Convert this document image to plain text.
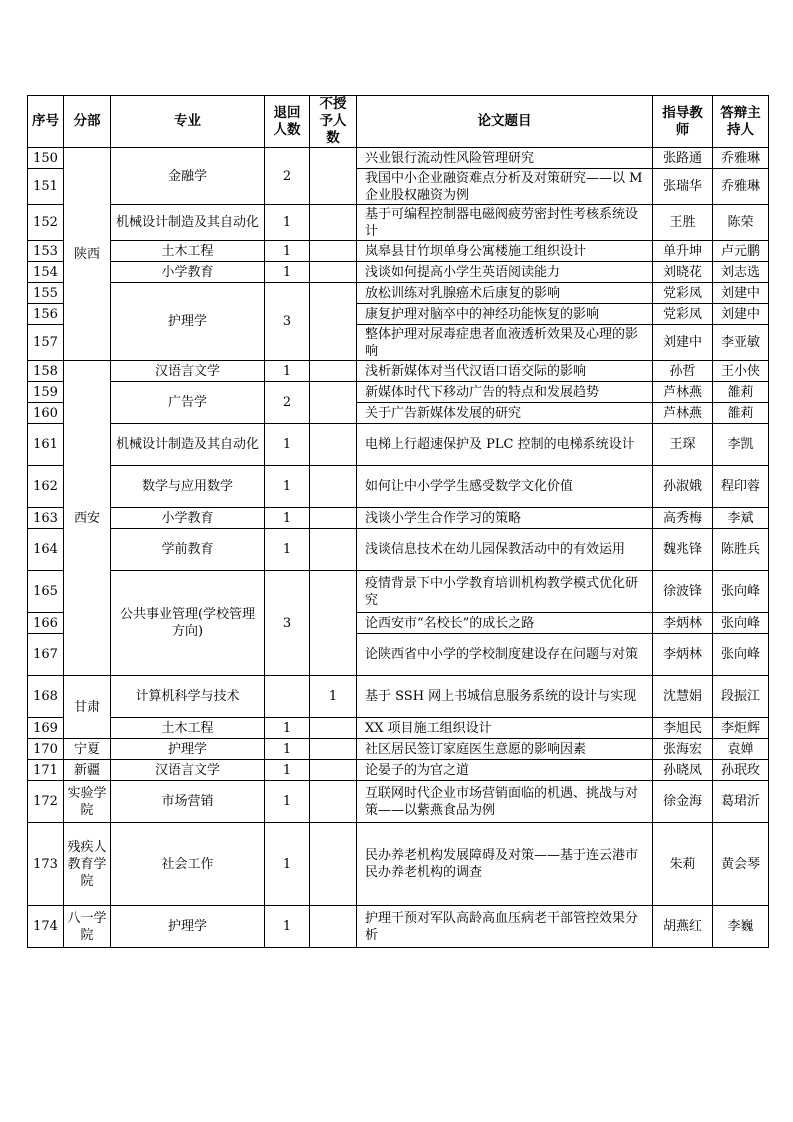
序号	分部	专业	退回人数	不授予人数	论文题目	指导教师	答辩主持人
150	陕西	金融学	2		兴业银行流动性风险管理研究	张路通	乔雅琳
151					我国中小企业融资难点分析及对策研究——以 M 企业股权融资为例	张瑞华	乔雅琳
152		机械设计制造及其自动化	1		基于可编程控制器电磁阀疲劳密封性考核系统设计	王胜	陈荣
153		土木工程	1		岚皋县甘竹坝单身公寓楼施工组织设计	单升坤	卢元鹏
154		小学教育	1		浅谈如何提高小学生英语阅读能力	刘晓花	刘志选
155		护理学	3		放松训练对乳腺癌术后康复的影响	党彩凤	刘建中
156					康复护理对脑卒中的神经功能恢复的影响	党彩凤	刘建中
157					整体护理对尿毒症患者血液透析效果及心理的影响	刘建中	李亚敏
158	西安	汉语言文学	1		浅析新媒体对当代汉语口语交际的影响	孙哲	王小侠
159		广告学	2		新媒体时代下移动广告的特点和发展趋势	芦林燕	雒莉
160					关于广告新媒体发展的研究	芦林燕	雒莉
161		机械设计制造及其自动化	1		电梯上行超速保护及 PLC 控制的电梯系统设计	王琛	李凯
162		数学与应用数学	1		如何让中小学学生感受数学文化价值	孙淑娥	程印蓉
163		小学教育	1		浅谈小学生合作学习的策略	高秀梅	李斌
164		学前教育	1		浅谈信息技术在幼儿园保教活动中的有效运用	魏兆锋	陈胜兵
165		公共事业管理(学校管理方向)	3		疫情背景下中小学教育培训机构教学模式优化研究	徐波锋	张向峰
166					论西安市“名校长”的成长之路	李炳林	张向峰
167					论陕西省中小学的学校制度建设存在问题与对策	李炳林	张向峰
168	甘肃	计算机科学与技术		1	基于 SSH 网上书城信息服务系统的设计与实现	沈慧娟	段振江
169		土木工程	1		XX 项目施工组织设计	李旭民	李炬辉
170	宁夏	护理学	1		社区居民签订家庭医生意愿的影响因素	张海宏	袁婵
171	新疆	汉语言文学	1		论晏子的为官之道	孙晓凤	孙珉玫
172	实验学院	市场营销	1		互联网时代企业市场营销面临的机遇、挑战与对策——以紫燕食品为例	徐金海	葛珺沂
173	残疾人教育学院	社会工作	1		民办养老机构发展障碍及对策——基于连云港市民办养老机构的调查	朱莉	黄会琴
174	八一学院	护理学	1		护理干预对军队高龄高血压病老干部管控效果分析	胡燕红	李巍
